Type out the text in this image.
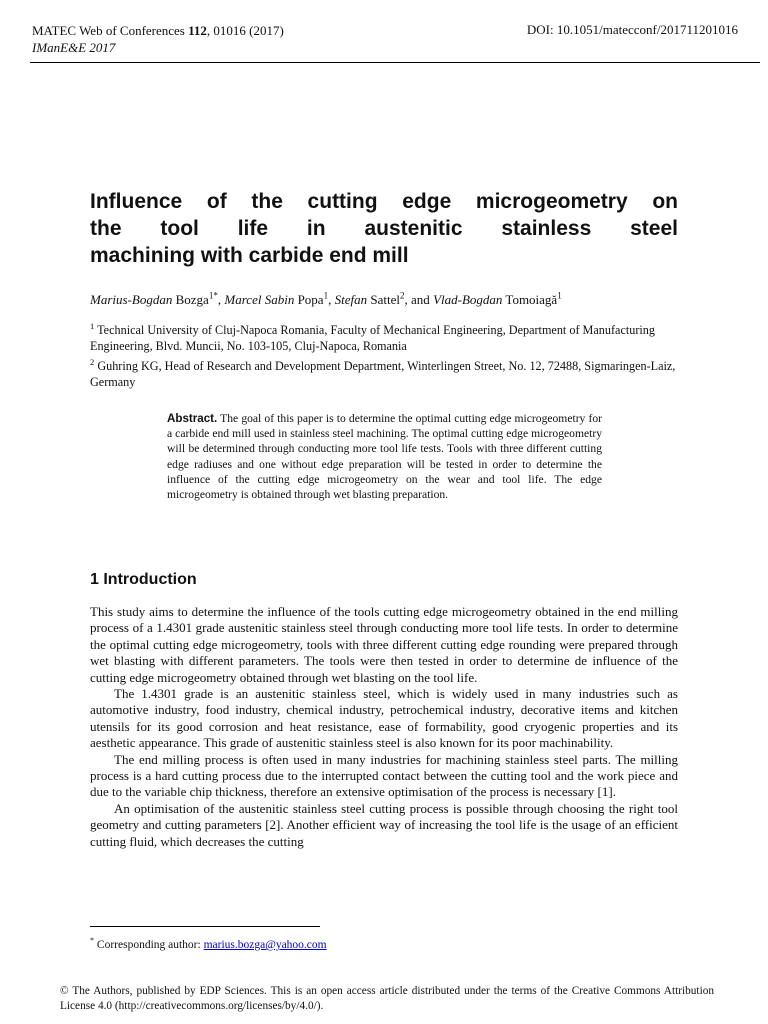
MATEC Web of Conferences 112, 01016 (2017)
IManE&E 2017
DOI: 10.1051/matecconf/201711201016
Influence of the cutting edge microgeometry on
the tool life in austenitic stainless steel
machining with carbide end mill
Marius-Bogdan Bozga$^{1*}$, Marcel Sabin Popa$^1$, Stefan Sattel$^2$, and Vlad-Bogdan Tomoiagă$^1$
$^1$ Technical University of Cluj-Napoca Romania, Faculty of Mechanical Engineering, Department of Manufacturing Engineering, Blvd. Muncii, No. 103-105, Cluj-Napoca, Romania
$^2$ Guhring KG, Head of Research and Development Department, Winterlingen Street, No. 12, 72488, Sigmaringen-Laiz, Germany
Abstract. The goal of this paper is to determine the optimal cutting edge microgeometry for a carbide end mill used in stainless steel machining. The optimal cutting edge microgeometry will be determined through conducting more tool life tests. Tools with three different cutting edge radiuses and one without edge preparation will be tested in order to determine the influence of the cutting edge microgeometry on the wear and tool life. The edge microgeometry is obtained through wet blasting preparation.
1 Introduction

This study aims to determine the influence of the tools cutting edge microgeometry obtained in the end milling process of a 1.4301 grade austenitic stainless steel through conducting more tool life tests. In order to determine the optimal cutting edge microgeometry, tools with three different cutting edge rounding were prepared through wet blasting with different parameters. The tools were then tested in order to determine de influence of the cutting edge microgeometry obtained through wet blasting on the tool life.

The 1.4301 grade is an austenitic stainless steel, which is widely used in many industries such as automotive industry, food industry, chemical industry, petrochemical industry, decorative items and kitchen utensils for its good corrosion and heat resistance, ease of formability, good cryogenic properties and its aesthetic appearance. This grade of austenitic stainless steel is also known for its poor machinability.

The end milling process is often used in many industries for machining stainless steel parts. The milling process is a hard cutting process due to the interrupted contact between the cutting tool and the work piece and due to the variable chip thickness, therefore an extensive optimisation of the process is necessary [1].

An optimisation of the austenitic stainless steel cutting process is possible through choosing the right tool geometry and cutting parameters [2]. Another efficient way of increasing the tool life is the usage of an efficient cutting fluid, which decreases the cutting

* Corresponding author: marius.bozga@yahoo.com
© The Authors, published by EDP Sciences. This is an open access article distributed under the terms of the Creative Commons Attribution License 4.0 (http://creativecommons.org/licenses/by/4.0/).
